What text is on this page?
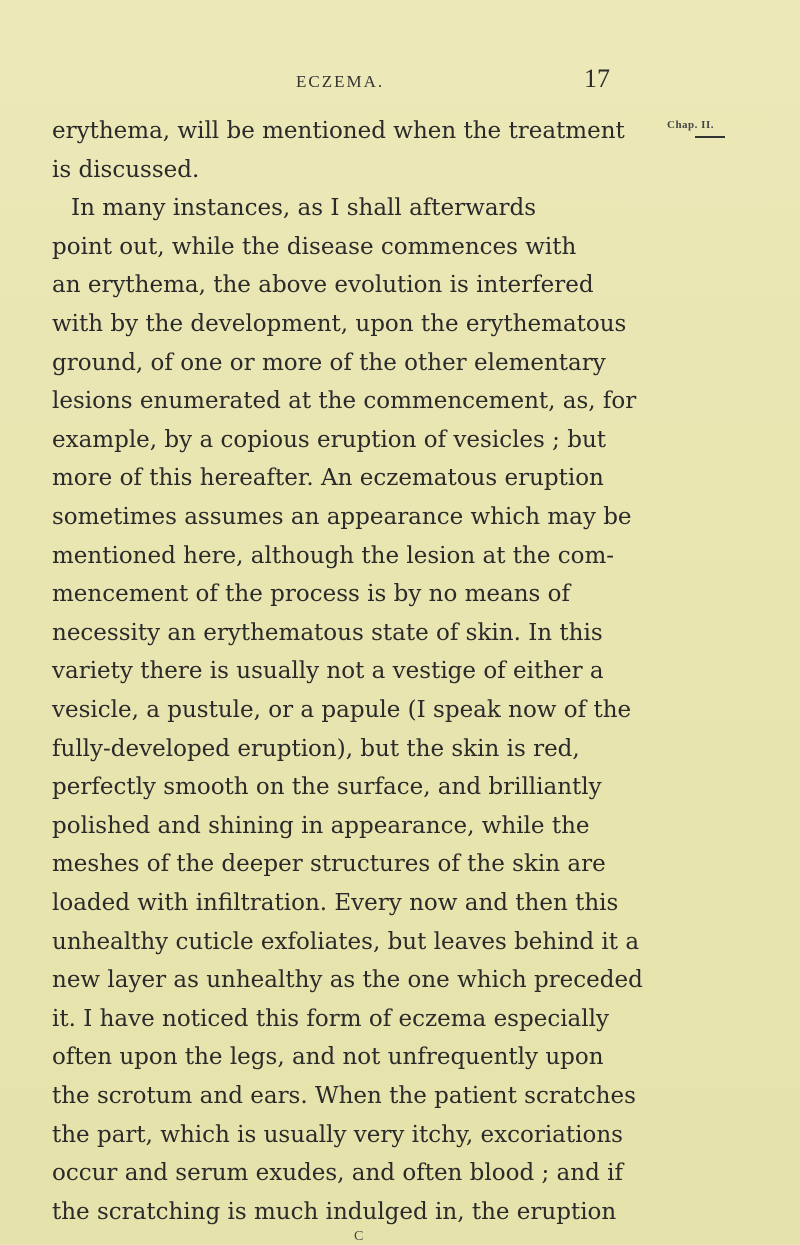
ECZEMA.	17
Chap. II.
erythema, will be mentioned when the treatment
is discussed.
In many instances, as I shall afterwards
point out, while the disease commences with
an erythema, the above evolution is interfered
with by the development, upon the erythematous
ground, of one or more of the other elementary
lesions enumerated at the commencement, as, for
example, by a copious eruption of vesicles ; but
more of this hereafter. An eczematous eruption
sometimes assumes an appearance which may be
mentioned here, although the lesion at the com-
mencement of the process is by no means of
necessity an erythematous state of skin. In this
variety there is usually not a vestige of either a
vesicle, a pustule, or a papule (I speak now of the
fully-developed eruption), but the skin is red,
perfectly smooth on the surface, and brilliantly
polished and shining in appearance, while the
meshes of the deeper structures of the skin are
loaded with infiltration. Every now and then this
unhealthy cuticle exfoliates, but leaves behind it a
new layer as unhealthy as the one which preceded
it. I have noticed this form of eczema especially
often upon the legs, and not unfrequently upon
the scrotum and ears. When the patient scratches
the part, which is usually very itchy, excoriations
occur and serum exudes, and often blood ; and if
the scratching is much indulged in, the eruption
C
